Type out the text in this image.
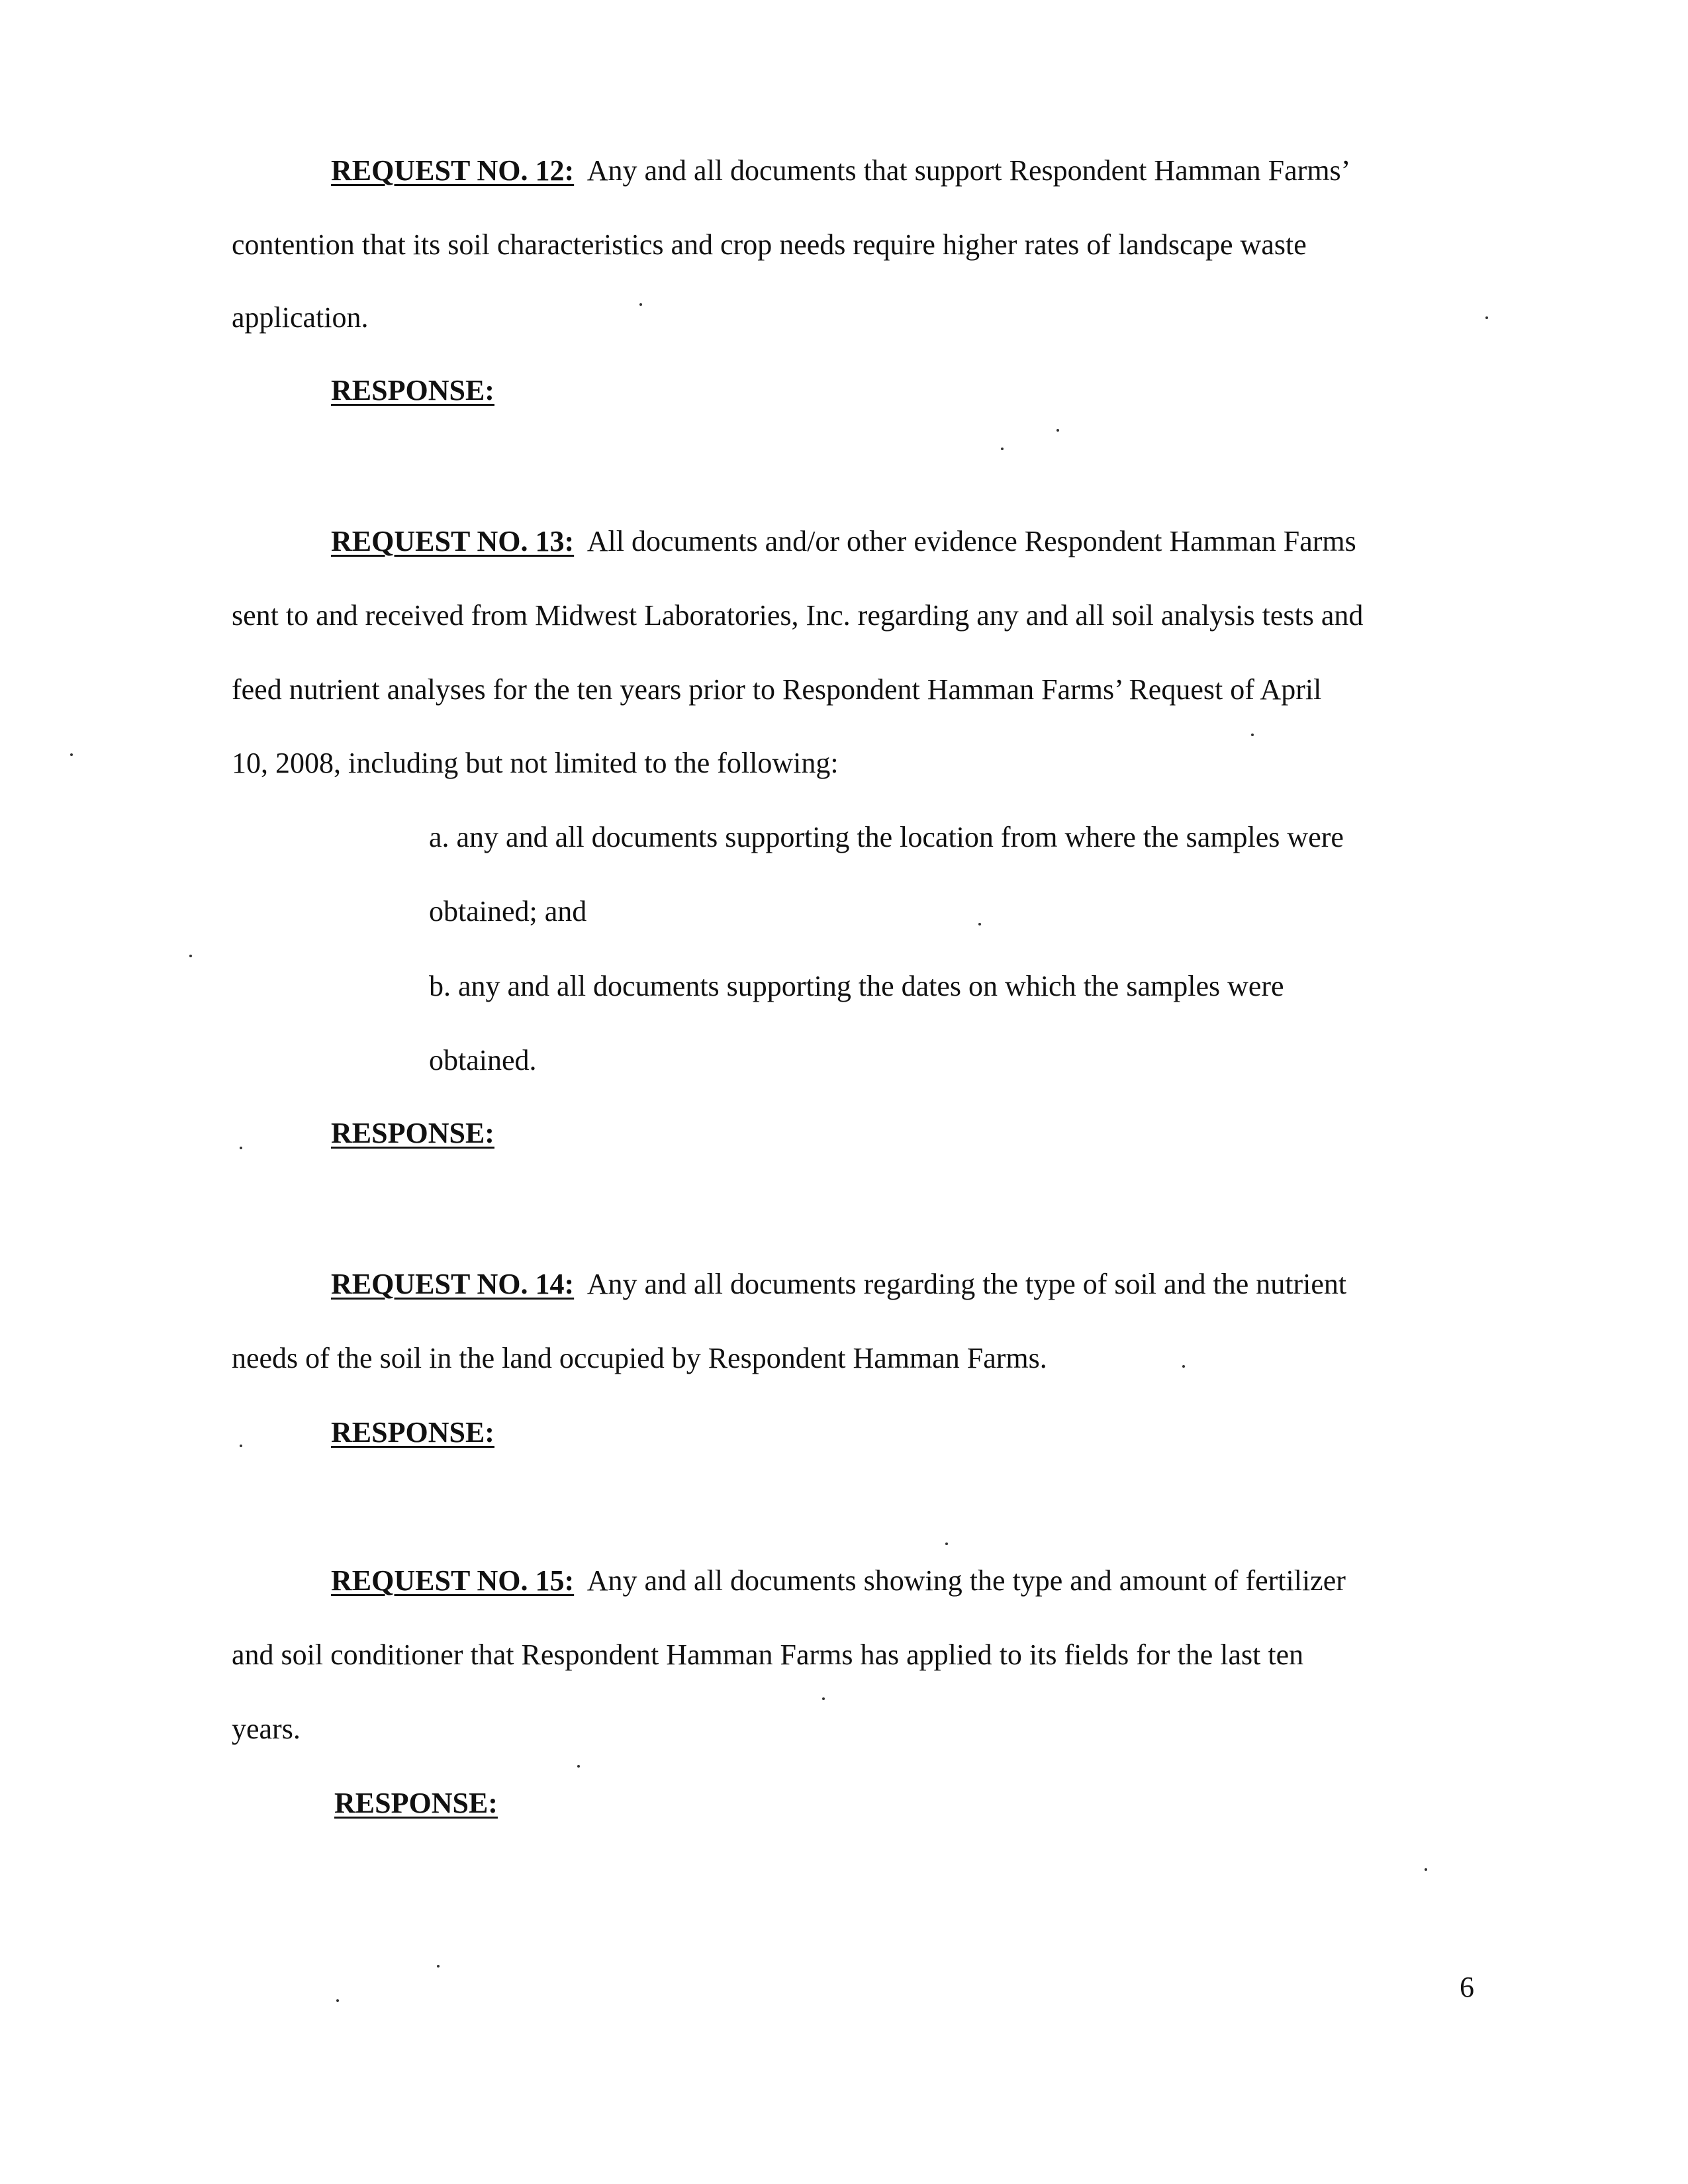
REQUEST NO. 12: Any and all documents that support Respondent Hamman Farms’
contention that its soil characteristics and crop needs require higher rates of landscape waste
application.
RESPONSE:
REQUEST NO. 13: All documents and/or other evidence Respondent Hamman Farms
sent to and received from Midwest Laboratories, Inc. regarding any and all soil analysis tests and
feed nutrient analyses for the ten years prior to Respondent Hamman Farms’ Request of April
10, 2008, including but not limited to the following:
a. any and all documents supporting the location from where the samples were
obtained; and
b. any and all documents supporting the dates on which the samples were
obtained.
RESPONSE:
REQUEST NO. 14: Any and all documents regarding the type of soil and the nutrient
needs of the soil in the land occupied by Respondent Hamman Farms.
RESPONSE:
REQUEST NO. 15: Any and all documents showing the type and amount of fertilizer
and soil conditioner that Respondent Hamman Farms has applied to its fields for the last ten
years.
RESPONSE:
6
